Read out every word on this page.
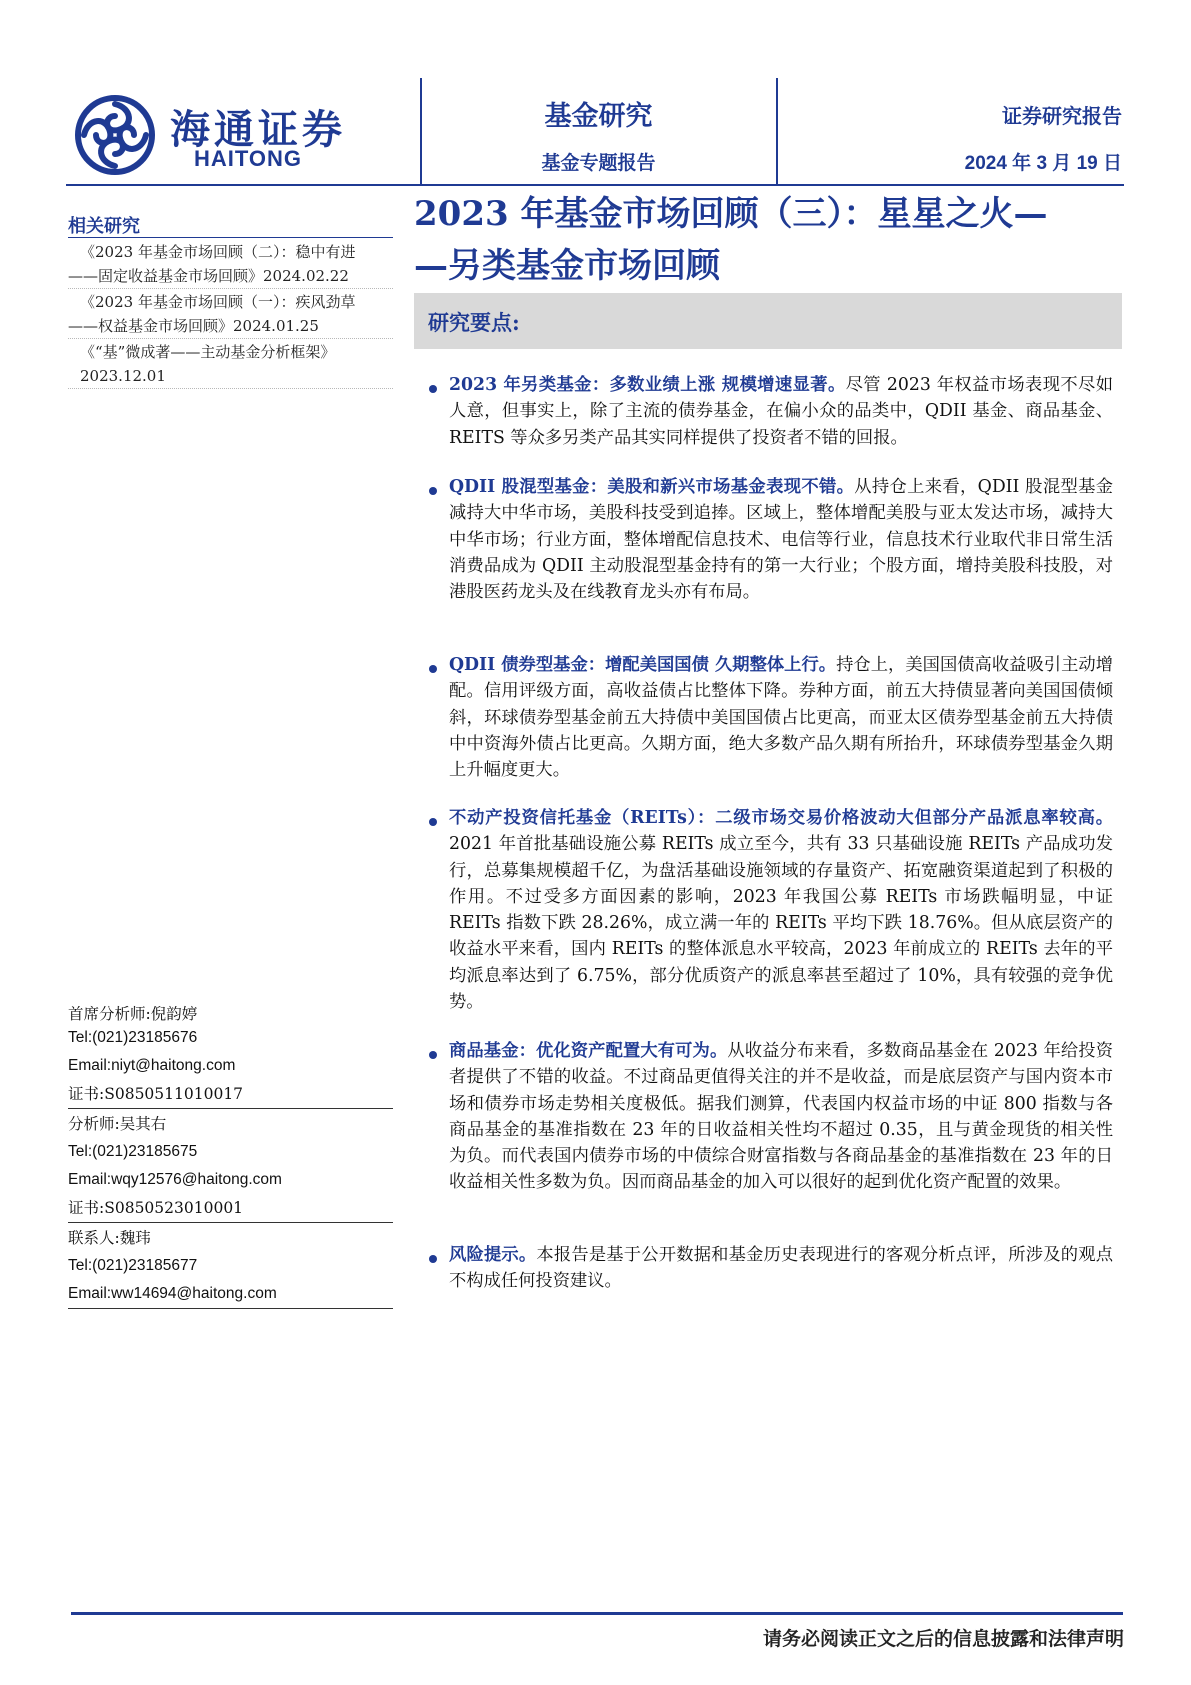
海通证券
HAITONG
基金研究
基金专题报告
证券研究报告
2024 年 3 月 19 日
相关研究
《2023 年基金市场回顾（二）：稳中有进
——固定收益基金市场回顾》2024.02.22
《2023 年基金市场回顾（一）：疾风劲草
——权益基金市场回顾》2024.01.25
《“基”微成著——主动基金分析框架》
2023.12.01
首席分析师:倪韵婷
Tel:(021)23185676
Email:niyt@haitong.com
证书:S0850511010017
分析师:吴其右
Tel:(021)23185675
Email:wqy12576@haitong.com
证书:S0850523010001
联系人:魏玮
Tel:(021)23185677
Email:ww14694@haitong.com
2023 年基金市场回顾（三）：星星之火—
—另类基金市场回顾
研究要点:
2023 年另类基金：多数业绩上涨 规模增速显著。尽管 2023 年权益市场表现不尽如人意，但事实上，除了主流的债券基金，在偏小众的品类中，QDII 基金、商品基金、REITS 等众多另类产品其实同样提供了投资者不错的回报。
QDII 股混型基金：美股和新兴市场基金表现不错。从持仓上来看，QDII 股混型基金减持大中华市场，美股科技受到追捧。区域上，整体增配美股与亚太发达市场，减持大中华市场；行业方面，整体增配信息技术、电信等行业，信息技术行业取代非日常生活消费品成为 QDII 主动股混型基金持有的第一大行业；个股方面，增持美股科技股，对港股医药龙头及在线教育龙头亦有布局。
QDII 债券型基金：增配美国国债 久期整体上行。持仓上，美国国债高收益吸引主动增配。信用评级方面，高收益债占比整体下降。券种方面，前五大持债显著向美国国债倾斜，环球债券型基金前五大持债中美国国债占比更高，而亚太区债券型基金前五大持债中中资海外债占比更高。久期方面，绝大多数产品久期有所抬升，环球债券型基金久期上升幅度更大。
不动产投资信托基金（REITs）：二级市场交易价格波动大但部分产品派息率较高。2021 年首批基础设施公募 REITs 成立至今，共有 33 只基础设施 REITs 产品成功发行，总募集规模超千亿，为盘活基础设施领域的存量资产、拓宽融资渠道起到了积极的作用。不过受多方面因素的影响，2023 年我国公募 REITs 市场跌幅明显，中证 REITs 指数下跌 28.26%，成立满一年的 REITs 平均下跌 18.76%。但从底层资产的收益水平来看，国内 REITs 的整体派息水平较高，2023 年前成立的 REITs 去年的平均派息率达到了 6.75%，部分优质资产的派息率甚至超过了 10%，具有较强的竞争优势。
商品基金：优化资产配置大有可为。从收益分布来看，多数商品基金在 2023 年给投资者提供了不错的收益。不过商品更值得关注的并不是收益，而是底层资产与国内资本市场和债券市场走势相关度极低。据我们测算，代表国内权益市场的中证 800 指数与各商品基金的基准指数在 23 年的日收益相关性均不超过 0.35，且与黄金现货的相关性为负。而代表国内债券市场的中债综合财富指数与各商品基金的基准指数在 23 年的日收益相关性多数为负。因而商品基金的加入可以很好的起到优化资产配置的效果。
风险提示。本报告是基于公开数据和基金历史表现进行的客观分析点评，所涉及的观点不构成任何投资建议。
请务必阅读正文之后的信息披露和法律声明
